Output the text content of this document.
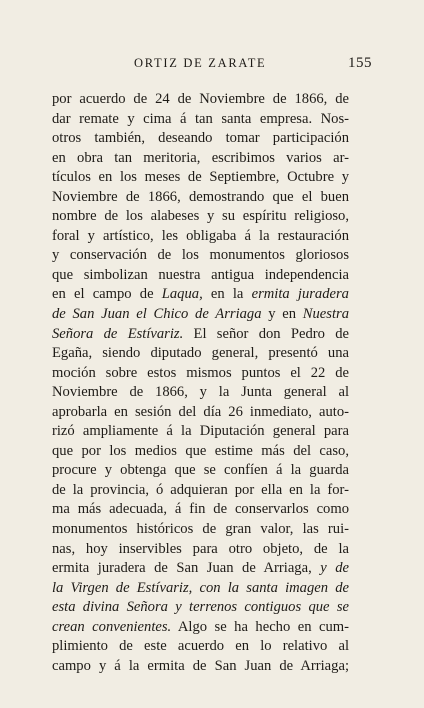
ORTIZ DE ZARATE	155
por acuerdo de 24 de Noviembre de 1866, de
dar remate y cima á tan santa empresa. Nos-
otros también, deseando tomar participación
en obra tan meritoria, escribimos varios ar-
tículos en los meses de Septiembre, Octubre y
Noviembre de 1866, demostrando que el buen
nombre de los alabeses y su espíritu religioso,
foral y artístico, les obligaba á la restauración
y conservación de los monumentos gloriosos
que simbolizan nuestra antigua independencia
en el campo de Laqua, en la ermita juradera
de San Juan el Chico de Arriaga y en Nuestra
Señora de Estívariz. El señor don Pedro de
Egaña, siendo diputado general, presentó una
moción sobre estos mismos puntos el 22 de
Noviembre de 1866, y la Junta general al
aprobarla en sesión del día 26 inmediato, auto-
rizó ampliamente á la Diputación general para
que por los medios que estime más del caso,
procure y obtenga que se confíen á la guarda
de la provincia, ó adquieran por ella en la for-
ma más adecuada, á fin de conservarlos como
monumentos históricos de gran valor, las rui-
nas, hoy inservibles para otro objeto, de la
ermita juradera de San Juan de Arriaga, y de
la Virgen de Estívariz, con la santa imagen de
esta divina Señora y terrenos contiguos que se
crean convenientes. Algo se ha hecho en cum-
plimiento de este acuerdo en lo relativo al
campo y á la ermita de San Juan de Arriaga;
